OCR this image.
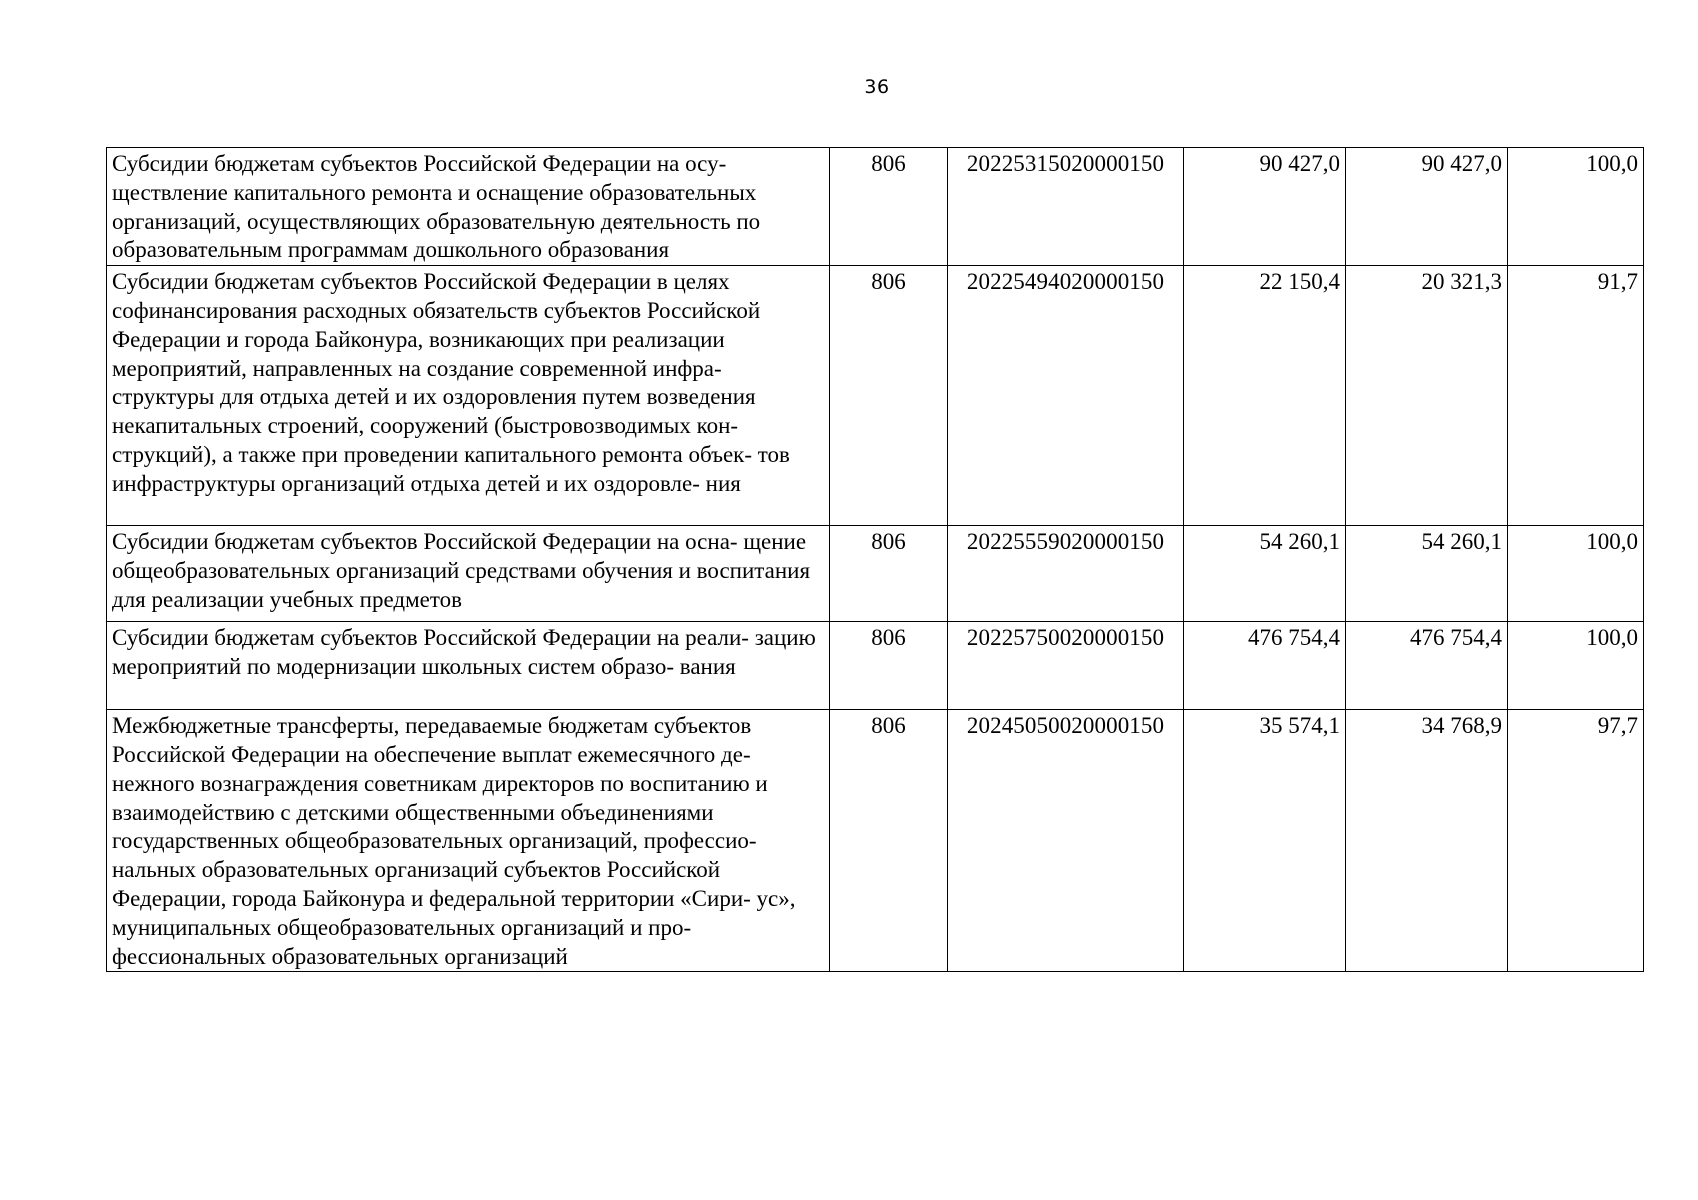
36
Субсидии бюджетам субъектов Российской Федерации на осу- ществление капитального ремонта и оснащение образовательных организаций, осуществляющих образовательную деятельность по образовательным программам дошкольного образования	806	20225315020000150	90 427,0	90 427,0	100,0
Субсидии бюджетам субъектов Российской Федерации в целях софинансирования расходных обязательств субъектов Российской Федерации и города Байконура, возникающих при реализации мероприятий, направленных на создание современной инфра- структуры для отдыха детей и их оздоровления путем возведения некапитальных строений, сооружений (быстровозводимых кон- струкций), а также при проведении капитального ремонта объек- тов инфраструктуры организаций отдыха детей и их оздоровле- ния	806	20225494020000150	22 150,4	20 321,3	91,7
Субсидии бюджетам субъектов Российской Федерации на осна- щение общеобразовательных организаций средствами обучения и воспитания для реализации учебных предметов	806	20225559020000150	54 260,1	54 260,1	100,0
Субсидии бюджетам субъектов Российской Федерации на реали- зацию мероприятий по модернизации школьных систем образо- вания	806	20225750020000150	476 754,4	476 754,4	100,0
Межбюджетные трансферты, передаваемые бюджетам субъектов Российской Федерации на обеспечение выплат ежемесячного де- нежного вознаграждения советникам директоров по воспитанию и взаимодействию с детскими общественными объединениями государственных общеобразовательных организаций, профессио- нальных образовательных организаций субъектов Российской Федерации, города Байконура и федеральной территории «Сири- ус», муниципальных общеобразовательных организаций и про- фессиональных образовательных организаций	806	20245050020000150	35 574,1	34 768,9	97,7
